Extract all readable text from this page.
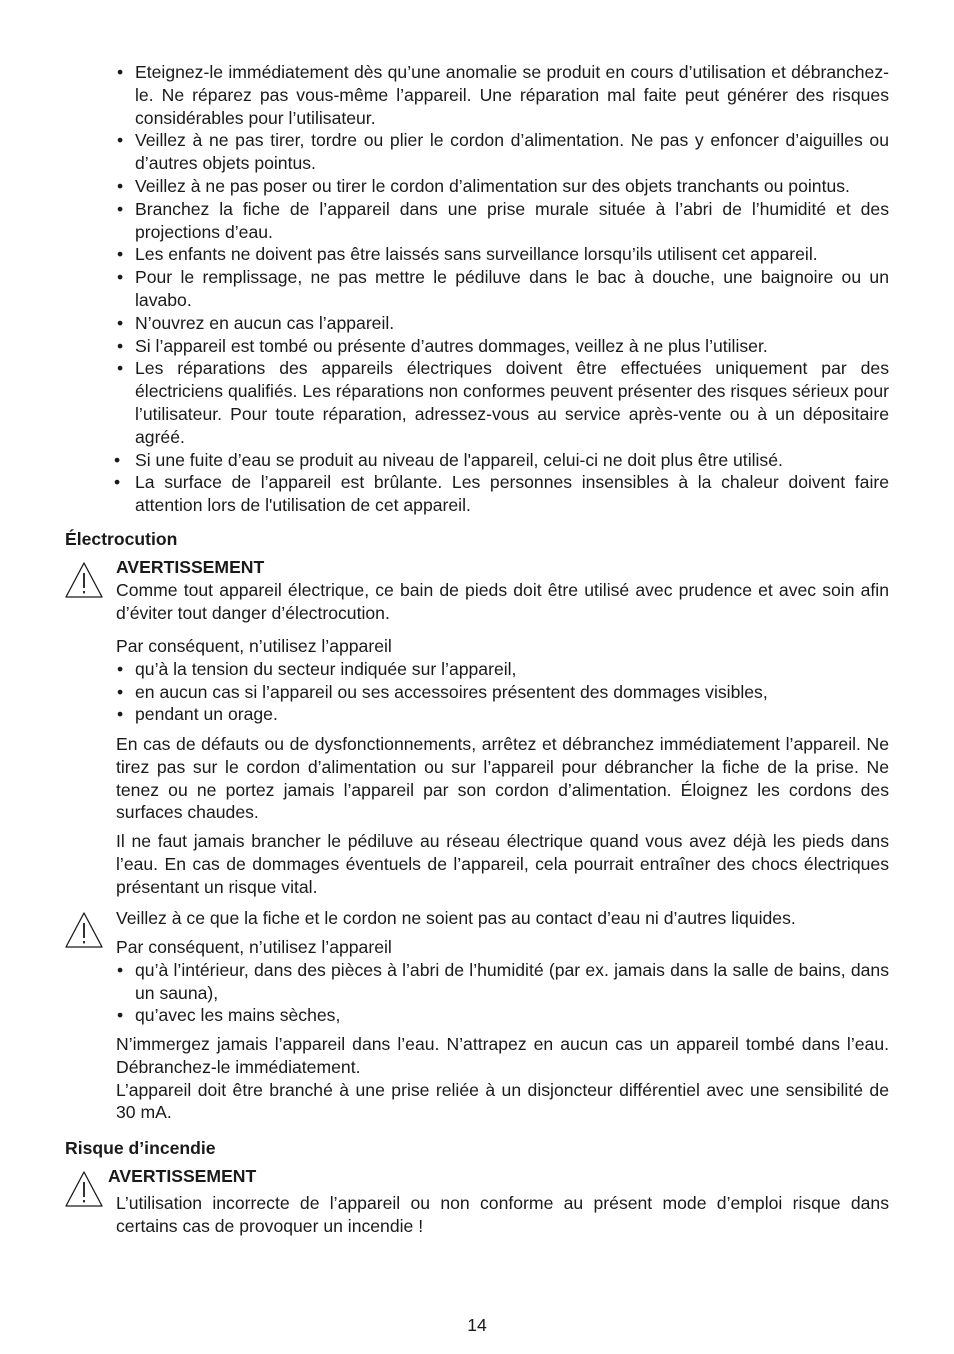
• Eteignez-le immédiatement dès qu’une anomalie se produit en cours d’utilisation et débranchez-le. Ne réparez pas vous-même l’appareil. Une réparation mal faite peut générer des risques considérables pour l’utilisateur.
• Veillez à ne pas tirer, tordre ou plier le cordon d’alimentation. Ne pas y enfoncer d’aiguilles ou d’autres objets pointus.
• Veillez à ne pas poser ou tirer le cordon d’alimentation sur des objets tranchants ou pointus.
• Branchez la fiche de l’appareil dans une prise murale située à l’abri de l’humidité et des projections d’eau.
• Les enfants ne doivent pas être laissés sans surveillance lorsqu’ils utilisent cet appareil.
• Pour le remplissage, ne pas mettre le pédiluve dans le bac à douche, une baignoire ou un lavabo.
• N’ouvrez en aucun cas l’appareil.
• Si l’appareil est tombé ou présente d’autres dommages, veillez à ne plus l’utiliser.
• Les réparations des appareils électriques doivent être effectuées uniquement par des électriciens qualifiés. Les réparations non conformes peuvent présenter des risques sérieux pour l’utilisateur. Pour toute réparation, adressez-vous au service après-vente ou à un dépositaire agréé.
• Si une fuite d’eau se produit au niveau de l'appareil, celui-ci ne doit plus être utilisé.
• La surface de l’appareil est brûlante. Les personnes insensibles à la chaleur doivent faire attention lors de l'utilisation de cet appareil.
Électrocution
AVERTISSEMENT

Comme tout appareil électrique, ce bain de pieds doit être utilisé avec prudence et avec soin afin d’éviter tout danger d’électrocution.

Par conséquent, n’utilisez l’appareil

• qu’à la tension du secteur indiquée sur l’appareil,
• en aucun cas si l’appareil ou ses accessoires présentent des dommages visibles,
• pendant un orage.

En cas de défauts ou de dysfonctionnements, arrêtez et débranchez immédiatement l’appareil. Ne tirez pas sur le cordon d’alimentation ou sur l’appareil pour débrancher la fiche de la prise. Ne tenez ou ne portez jamais l’appareil par son cordon d’alimentation. Éloignez les cordons des surfaces chaudes.

Il ne faut jamais brancher le pédiluve au réseau électrique quand vous avez déjà les pieds dans l’eau. En cas de dommages éventuels de l’appareil, cela pourrait entraîner des chocs électriques présentant un risque vital.

Veillez à ce que la fiche et le cordon ne soient pas au contact d’eau ni d’autres liquides.

Par conséquent, n’utilisez l’appareil

• qu’à l’intérieur, dans des pièces à l’abri de l’humidité (par ex. jamais dans la salle de bains, dans un sauna),
• qu’avec les mains sèches,

N’immergez jamais l’appareil dans l’eau. N’attrapez en aucun cas un appareil tombé dans l’eau. Débranchez-le immédiatement.

L’appareil doit être branché à une prise reliée à un disjoncteur différentiel avec une sensibilité de 30 mA.

Risque d’incendie
AVERTISSEMENT

L’utilisation incorrecte de l’appareil ou non conforme au présent mode d’emploi risque dans certains cas de provoquer un incendie !

14
